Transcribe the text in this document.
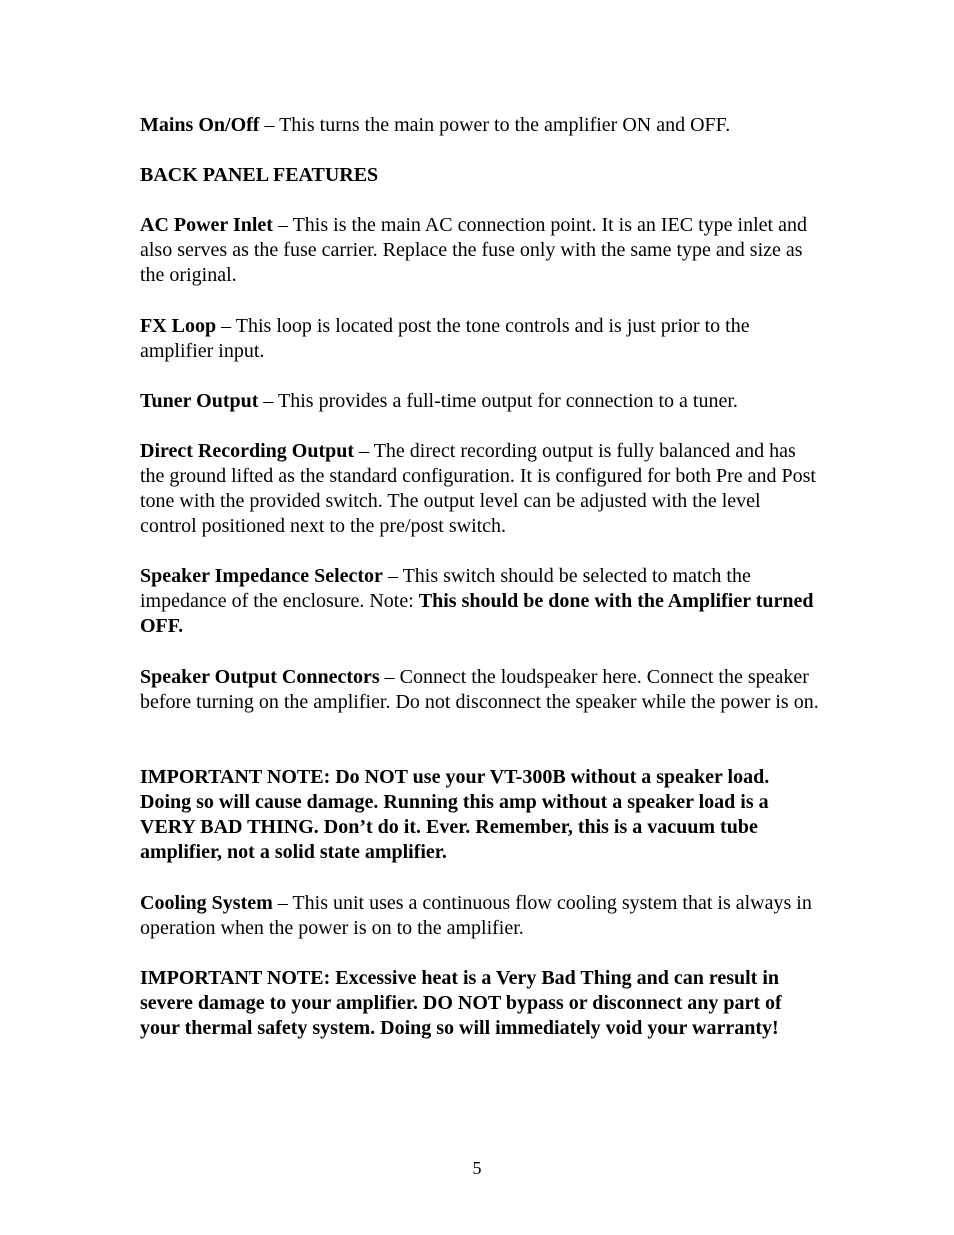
Mains On/Off – This turns the main power to the amplifier ON and OFF.

BACK PANEL FEATURES

AC Power Inlet – This is the main AC connection point. It is an IEC type inlet and also serves as the fuse carrier. Replace the fuse only with the same type and size as the original.

FX Loop – This loop is located post the tone controls and is just prior to the amplifier input.

Tuner Output – This provides a full-time output for connection to a tuner.

Direct Recording Output – The direct recording output is fully balanced and has the ground lifted as the standard configuration. It is configured for both Pre and Post tone with the provided switch. The output level can be adjusted with the level control positioned next to the pre/post switch.

Speaker Impedance Selector – This switch should be selected to match the impedance of the enclosure. Note: This should be done with the Amplifier turned OFF.

Speaker Output Connectors – Connect the loudspeaker here. Connect the speaker before turning on the amplifier. Do not disconnect the speaker while the power is on.

IMPORTANT NOTE: Do NOT use your VT-300B without a speaker load. Doing so will cause damage. Running this amp without a speaker load is a VERY BAD THING. Don’t do it. Ever. Remember, this is a vacuum tube amplifier, not a solid state amplifier.

Cooling System – This unit uses a continuous flow cooling system that is always in operation when the power is on to the amplifier.

IMPORTANT NOTE: Excessive heat is a Very Bad Thing and can result in severe damage to your amplifier. DO NOT bypass or disconnect any part of your thermal safety system. Doing so will immediately void your warranty!

5
